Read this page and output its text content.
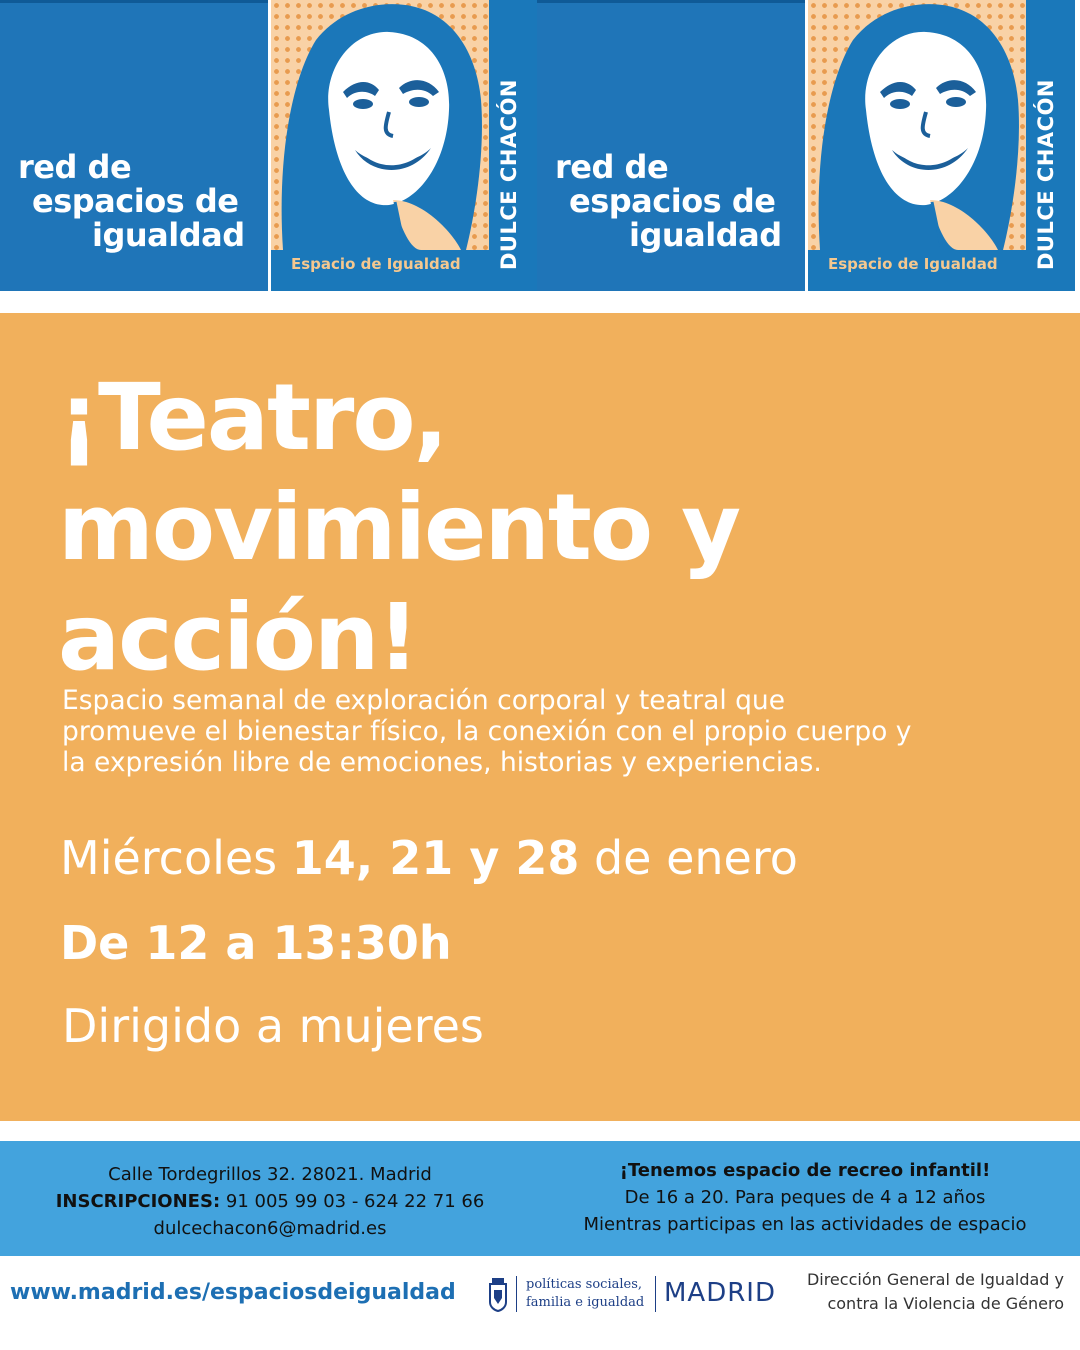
red de
espacios de
igualdad	DULCE CHACÓN
Espacio de Igualdad
red de
espacios de
igualdad	DULCE CHACÓN
Espacio de Igualdad
¡Teatro,
movimiento y
acción!

Espacio semanal de exploración corporal y teatral que
promueve el bienestar físico, la conexión con el propio cuerpo y
la expresión libre de emociones, historias y experiencias.

Miércoles 14, 21 y 28 de enero
De 12 a 13:30h
Dirigido a mujeres
Calle Tordegrillos 32. 28021. Madrid
INSCRIPCIONES: 91 005 99 03 - 624 22 71 66
dulcechacon6@madrid.es
¡Tenemos espacio de recreo infantil!
De 16 a 20. Para peques de 4 a 12 años
Mientras participas en las actividades de espacio
www.madrid.es/espaciosdeigualdad	políticas sociales,
familia e igualdad MADRID Dirección General de Igualdad y
contra la Violencia de Género
